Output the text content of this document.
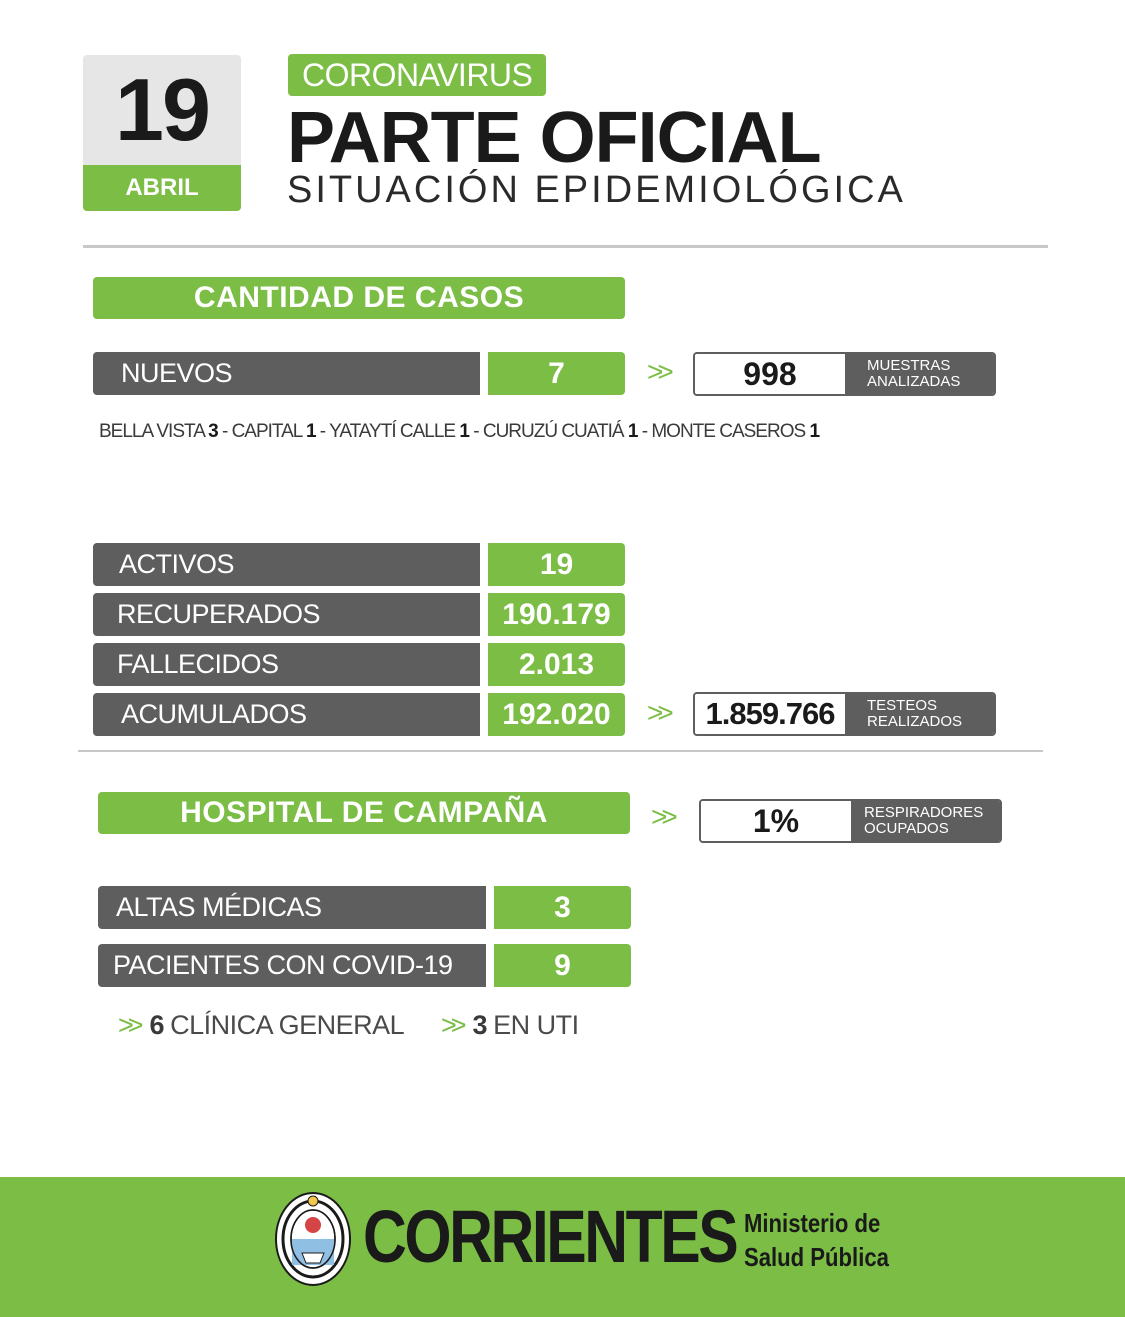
19
ABRIL
CORONAVIRUS
PARTE OFICIAL
SITUACIÓN EPIDEMIOLÓGICA
CANTIDAD DE CASOS
NUEVOS	7	>>	998	MUESTRAS
ANALIZADAS
BELLA VISTA 3 - CAPITAL 1 - YATAYTÍ CALLE 1 - CURUZÚ CUATIÁ 1 - MONTE CASEROS 1
ACTIVOS	19
RECUPERADOS	190.179
FALLECIDOS	2.013
ACUMULADOS	192.020	>>	1.859.766	TESTEOS
REALIZADOS
HOSPITAL DE CAMPAÑA	>>	1%	RESPIRADORES
OCUPADOS
ALTAS MÉDICAS	3
PACIENTES CON COVID-19	9
>> 6 CLÍNICA GENERAL >> 3 EN UTI
CORRIENTES Ministerio de
Salud Pública
